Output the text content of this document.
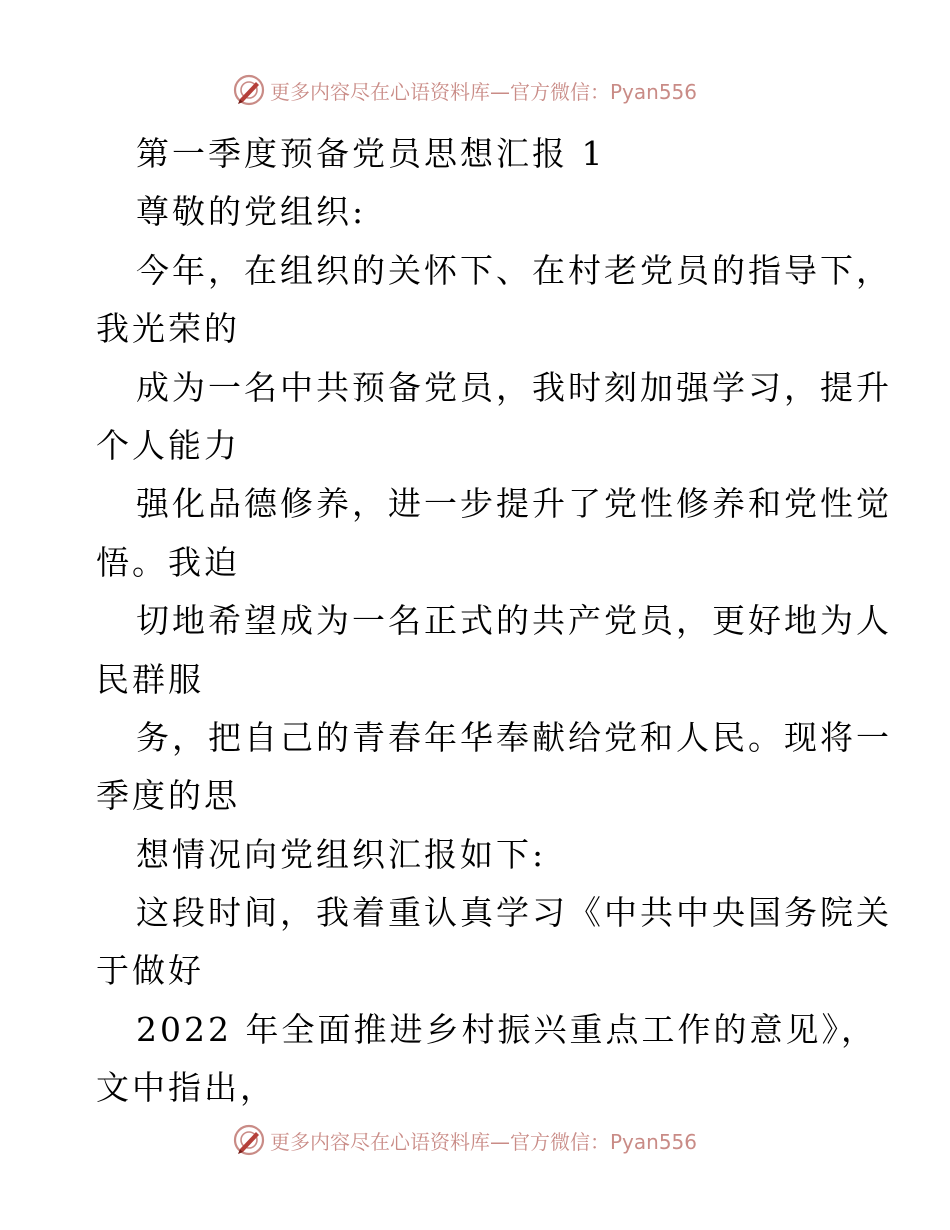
更多内容尽在心语资料库—官方微信：Pyan556
第一季度预备党员思想汇报 1
尊敬的党组织:
今年，在组织的关怀下、在村老党员的指导下，
我光荣的
成为一名中共预备党员，我时刻加强学习，提升
个人能力
强化品德修养，进一步提升了党性修养和党性觉
悟。我迫
切地希望成为一名正式的共产党员，更好地为人
民群服
务，把自己的青春年华奉献给党和人民。现将一
季度的思
想情况向党组织汇报如下:
这段时间，我着重认真学习《中共中央国务院关
于做好
2022 年全面推进乡村振兴重点工作的意见》，
文中指出，
更多内容尽在心语资料库—官方微信：Pyan556
